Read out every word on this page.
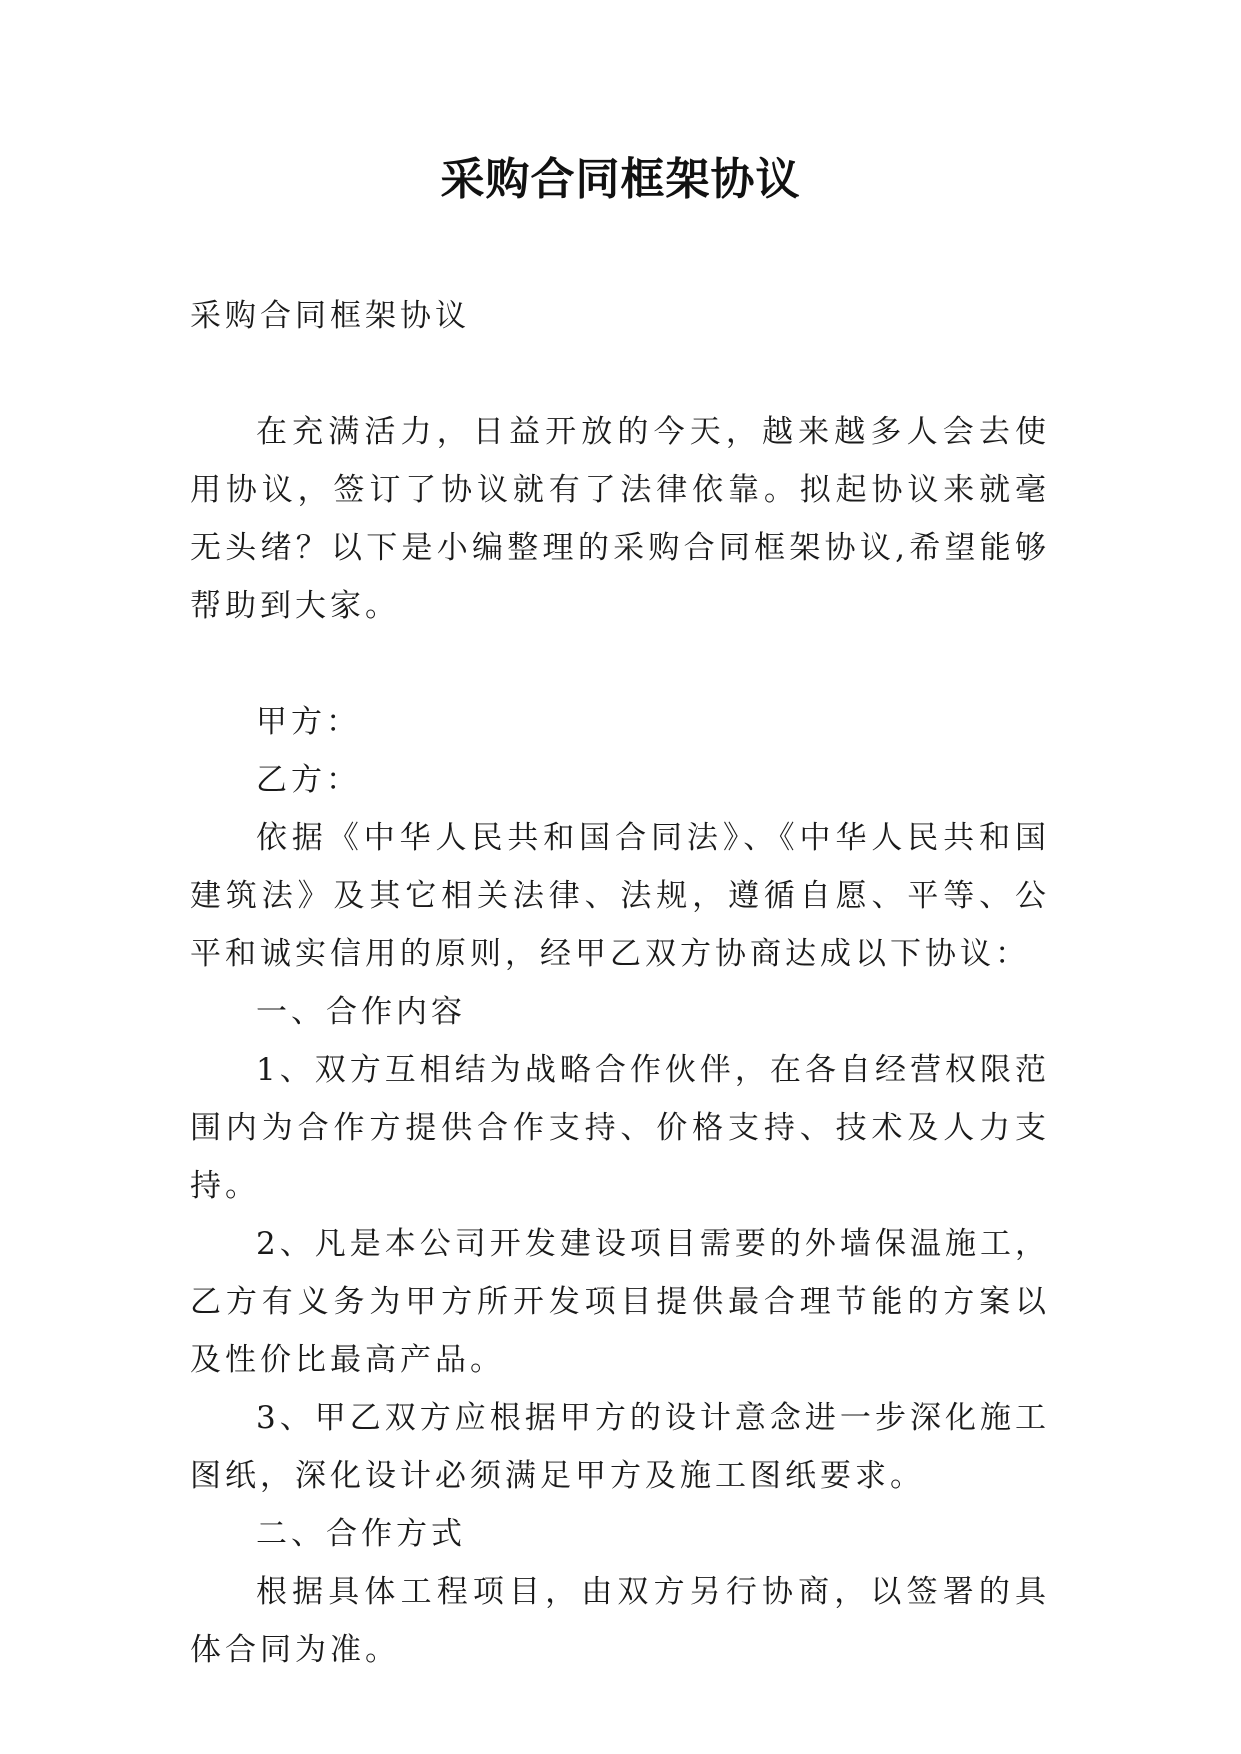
采购合同框架协议

采购合同框架协议

在充满活力，日益开放的今天，越来越多人会去使用协议，签订了协议就有了法律依靠。拟起协议来就毫无头绪？以下是小编整理的采购合同框架协议,希望能够帮助到大家。

甲方：

乙方：

依据《中华人民共和国合同法》、《中华人民共和国建筑法》及其它相关法律、法规，遵循自愿、平等、公平和诚实信用的原则，经甲乙双方协商达成以下协议：

一、合作内容

1、双方互相结为战略合作伙伴，在各自经营权限范围内为合作方提供合作支持、价格支持、技术及人力支持。

2、凡是本公司开发建设项目需要的外墙保温施工，乙方有义务为甲方所开发项目提供最合理节能的方案以及性价比最高产品。

3、甲乙双方应根据甲方的设计意念进一步深化施工图纸，深化设计必须满足甲方及施工图纸要求。

二、合作方式

根据具体工程项目，由双方另行协商，以签署的具体合同为准。
